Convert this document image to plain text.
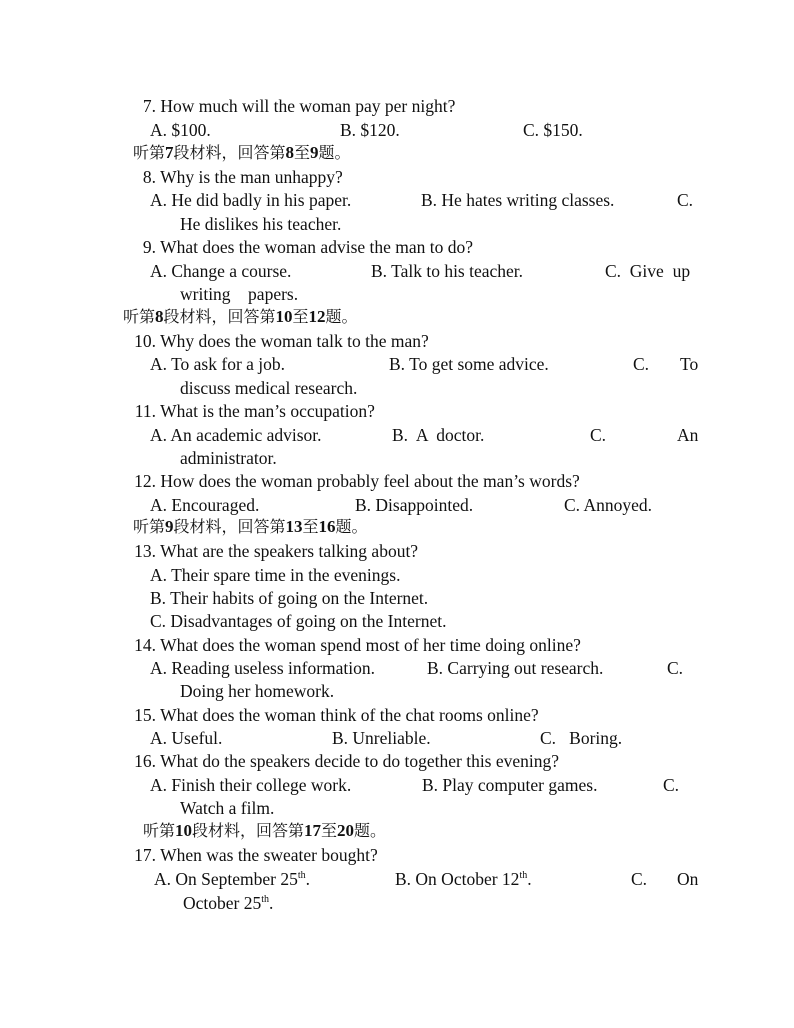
7. How much will the woman pay per night?
A. $100.	B. $120.	C. $150.
听第7段材料，回答第8至9题。
8. Why is the man unhappy?
A. He did badly in his paper.	B. He hates writing classes.	C.
He dislikes his teacher.
9. What does the woman advise the man to do?
A. Change a course.	B. Talk to his teacher.	C.  Give  up
writing    papers.
听第8段材料，回答第10至12题。
10. Why does the woman talk to the man?
A. To ask for a job.	B. To get some advice.	C. To
discuss medical research.
11. What is the man’s occupation?
A. An academic advisor.	B.  A  doctor.	C.	An
administrator.
12. How does the woman probably feel about the man’s words?
A. Encouraged.	B. Disappointed.	C. Annoyed.
听第9段材料，回答第13至16题。
13. What are the speakers talking about?
A. Their spare time in the evenings.
B. Their habits of going on the Internet.
C. Disadvantages of going on the Internet.
14. What does the woman spend most of her time doing online?
A. Reading useless information.	B. Carrying out research.	C.
Doing her homework.
15. What does the woman think of the chat rooms online?
A. Useful.	B. Unreliable.	C.   Boring.
16. What do the speakers decide to do together this evening?
A. Finish their college work.	B. Play computer games.	C.
Watch a film.
听第10段材料，回答第17至20题。
17. When was the sweater bought?
A. On September 25th.	B. On October 12th.	C. On
October 25th.
